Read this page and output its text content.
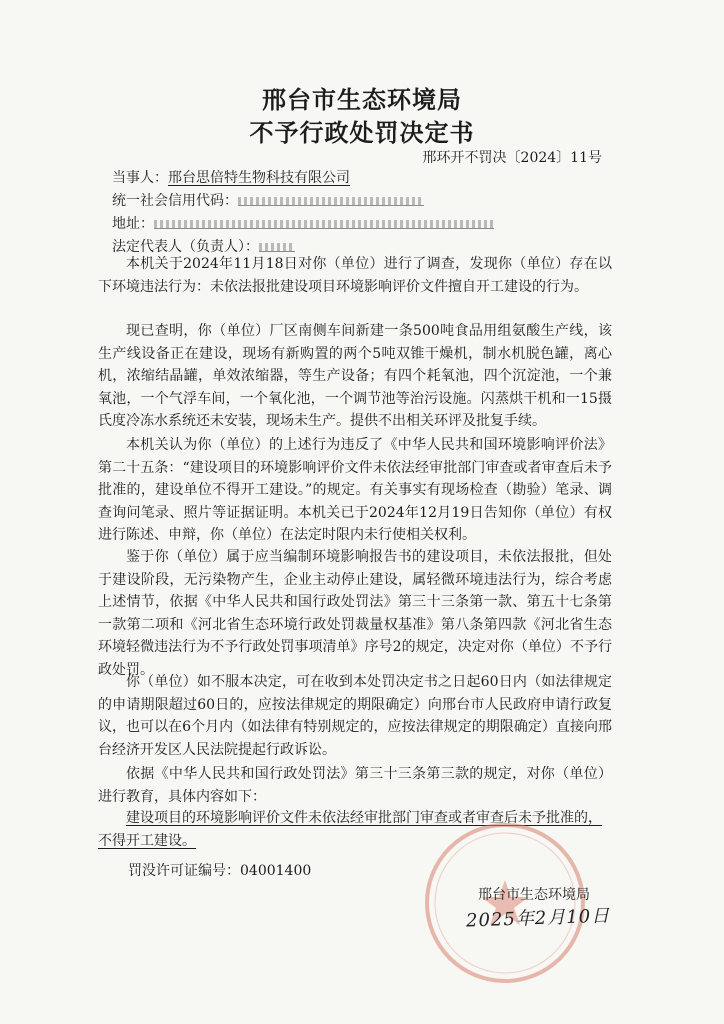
邢台市生态环境局
不予行政处罚决定书
邢环开不罚决〔2024〕11号
当事人：邢台思倍特生物科技有限公司
统一社会信用代码：
地址：
法定代表人（负责人）：
本机关于2024年11月18日对你（单位）进行了调查，发现你（单位）存在以下环境违法行为：未依法报批建设项目环境影响评价文件擅自开工建设的行为。
现已查明，你（单位）厂区南侧车间新建一条500吨食品用组氨酸生产线，该生产线设备正在建设，现场有新购置的两个5吨双锥干燥机，制水机脱色罐，离心机，浓缩结晶罐，单效浓缩器，等生产设备；有四个耗氧池，四个沉淀池，一个兼氧池，一个气浮车间，一个氧化池，一个调节池等治污设施。闪蒸烘干机和一15摄氏度冷冻水系统还未安装，现场未生产。提供不出相关环评及批复手续。
本机关认为你（单位）的上述行为违反了《中华人民共和国环境影响评价法》第二十五条：“建设项目的环境影响评价文件未依法经审批部门审查或者审查后未予批准的，建设单位不得开工建设。”的规定。有关事实有现场检查（勘验）笔录、调查询问笔录、照片等证据证明。本机关已于2024年12月19日告知你（单位）有权进行陈述、申辩，你（单位）在法定时限内未行使相关权利。
鉴于你（单位）属于应当编制环境影响报告书的建设项目，未依法报批，但处于建设阶段，无污染物产生，企业主动停止建设，属轻微环境违法行为，综合考虑上述情节，依据《中华人民共和国行政处罚法》第三十三条第一款、第五十七条第一款第二项和《河北省生态环境行政处罚裁量权基准》第八条第四款《河北省生态环境轻微违法行为不予行政处罚事项清单》序号2的规定，决定对你（单位）不予行政处罚。
你（单位）如不服本决定，可在收到本处罚决定书之日起60日内（如法律规定的申请期限超过60日的，应按法律规定的期限确定）向邢台市人民政府申请行政复议，也可以在6个月内（如法律有特别规定的，应按法律规定的期限确定）直接向邢台经济开发区人民法院提起行政诉讼。
依据《中华人民共和国行政处罚法》第三十三条第三款的规定，对你（单位）进行教育，具体内容如下：
建设项目的环境影响评价文件未依法经审批部门审查或者审查后未予批准的，不得开工建设。
罚没许可证编号：04001400
邢台市生态环境局
2025年2月10日
